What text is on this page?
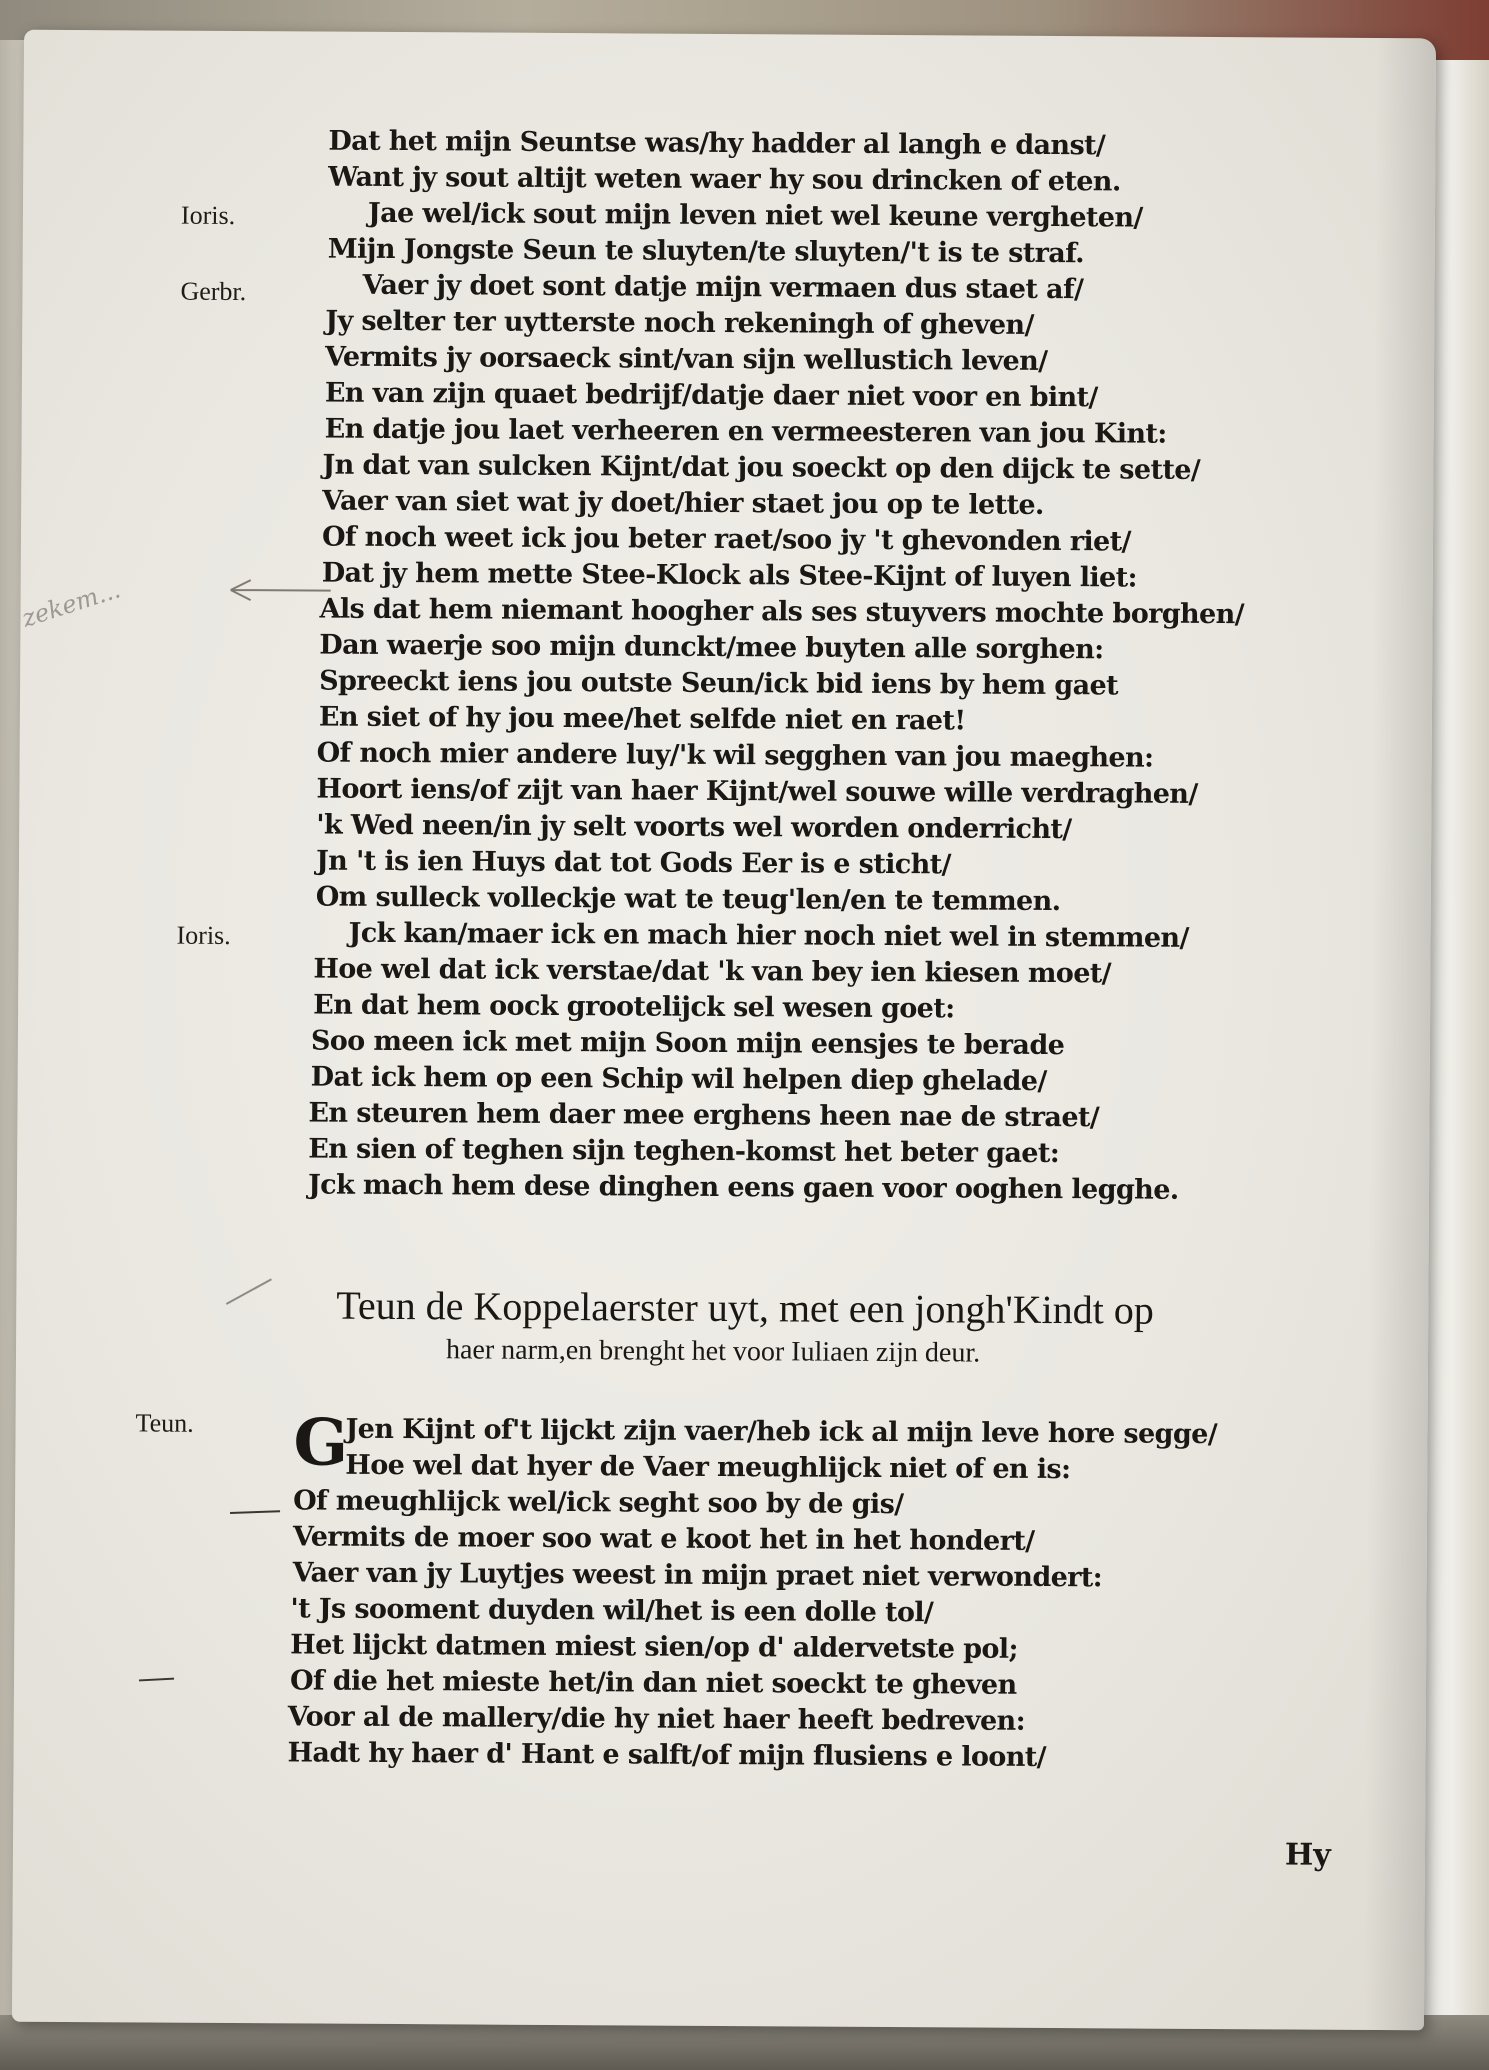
Ioris.
Gerbr.
Ioris.
Teun.
zekem...
Dat het mijn Seuntse was/hy hadder al langh e danst/
Want jy sout altijt weten waer hy sou drincken of eten.
Jae wel/ick sout mijn leven niet wel keune vergheten/
Mijn Jongste Seun te sluyten/te sluyten/'t is te straf.
Vaer jy doet sont datje mijn vermaen dus staet af/
Jy selter ter uytterste noch rekeningh of gheven/
Vermits jy oorsaeck sint/van sijn wellustich leven/
En van zijn quaet bedrijf/datje daer niet voor en bint/
En datje jou laet verheeren en vermeesteren van jou Kint:
Jn dat van sulcken Kijnt/dat jou soeckt op den dijck te sette/
Vaer van siet wat jy doet/hier staet jou op te lette.
Of noch weet ick jou beter raet/soo jy 't ghevonden riet/
Dat jy hem mette Stee-Klock als Stee-Kijnt of luyen liet:
Als dat hem niemant hoogher als ses stuyvers mochte borghen/
Dan waerje soo mijn dunckt/mee buyten alle sorghen:
Spreeckt iens jou outste Seun/ick bid iens by hem gaet
En siet of hy jou mee/het selfde niet en raet!
Of noch mier andere luy/'k wil segghen van jou maeghen:
Hoort iens/of zijt van haer Kijnt/wel souwe wille verdraghen/
'k Wed neen/in jy selt voorts wel worden onderricht/
Jn 't is ien Huys dat tot Gods Eer is e sticht/
Om sulleck volleckje wat te teug'len/en te temmen.
Jck kan/maer ick en mach hier noch niet wel in stemmen/
Hoe wel dat ick verstae/dat 'k van bey ien kiesen moet/
En dat hem oock grootelijck sel wesen goet:
Soo meen ick met mijn Soon mijn eensjes te berade
Dat ick hem op een Schip wil helpen diep ghelade/
En steuren hem daer mee erghens heen nae de straet/
En sien of teghen sijn teghen-komst het beter gaet:
Jck mach hem dese dinghen eens gaen voor ooghen legghe.
Teun de Koppelaerster uyt, met een jongh'Kindt op
haer narm,en brenght het voor Iuliaen zijn deur.
G
Jen Kijnt of't lijckt zijn vaer/heb ick al mijn leve hore segge/
Hoe wel dat hyer de Vaer meughlijck niet of en is:
Of meughlijck wel/ick seght soo by de gis/
Vermits de moer soo wat e koot het in het hondert/
Vaer van jy Luytjes weest in mijn praet niet verwondert:
't Js sooment duyden wil/het is een dolle tol/
Het lijckt datmen miest sien/op d' aldervetste pol;
Of die het mieste het/in dan niet soeckt te gheven
Voor al de mallery/die hy niet haer heeft bedreven:
Hadt hy haer d' Hant e salft/of mijn flusiens e loont/
Hy
